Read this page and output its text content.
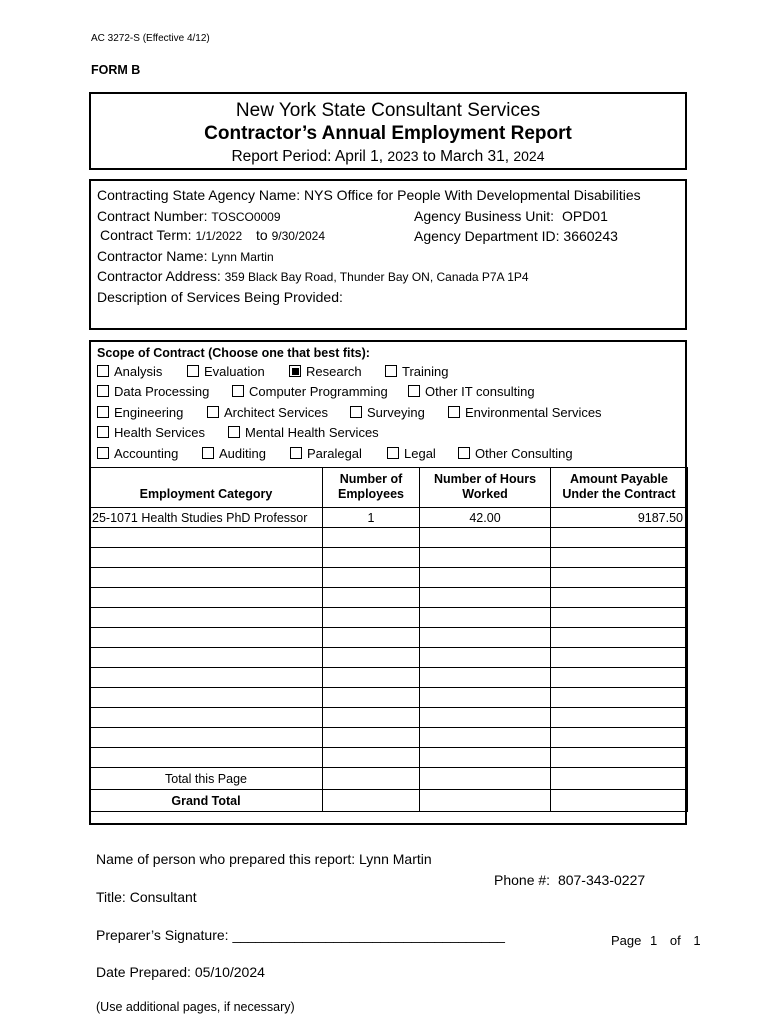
AC 3272-S (Effective 4/12)
FORM B
New York State Consultant Services
Contractor’s Annual Employment Report
Report Period: April 1, 2023 to March 31, 2024
Contracting State Agency Name: NYS Office for People With Developmental Disabilities
Contract Number: TOSCO0009	Agency Business Unit: OPD01
Contract Term: 1/1/2022 to 9/30/2024	Agency Department ID: 3660243
Contractor Name: Lynn Martin
Contractor Address: 359 Black Bay Road, Thunder Bay ON, Canada P7A 1P4
Description of Services Being Provided:
Scope of Contract (Choose one that best fits):
Analysis	Evaluation	Research	Training
Data Processing	Computer Programming	Other IT consulting
Engineering	Architect Services	Surveying	Environmental Services
Health Services	Mental Health Services
Accounting	Auditing	Paralegal	Legal	Other Consulting
Employment Category	Number of Employees	Number of Hours Worked	Amount Payable Under the Contract
25-1071 Health Studies PhD Professor	1	42.00	9187.50

Total this Page			
Grand Total			
Name of person who prepared this report: Lynn Martin
Phone #: 807-343-0227
Title: Consultant
Preparer’s Signature: ___________________________________	Page 1 of 1
Date Prepared: 05/10/2024
(Use additional pages, if necessary)
